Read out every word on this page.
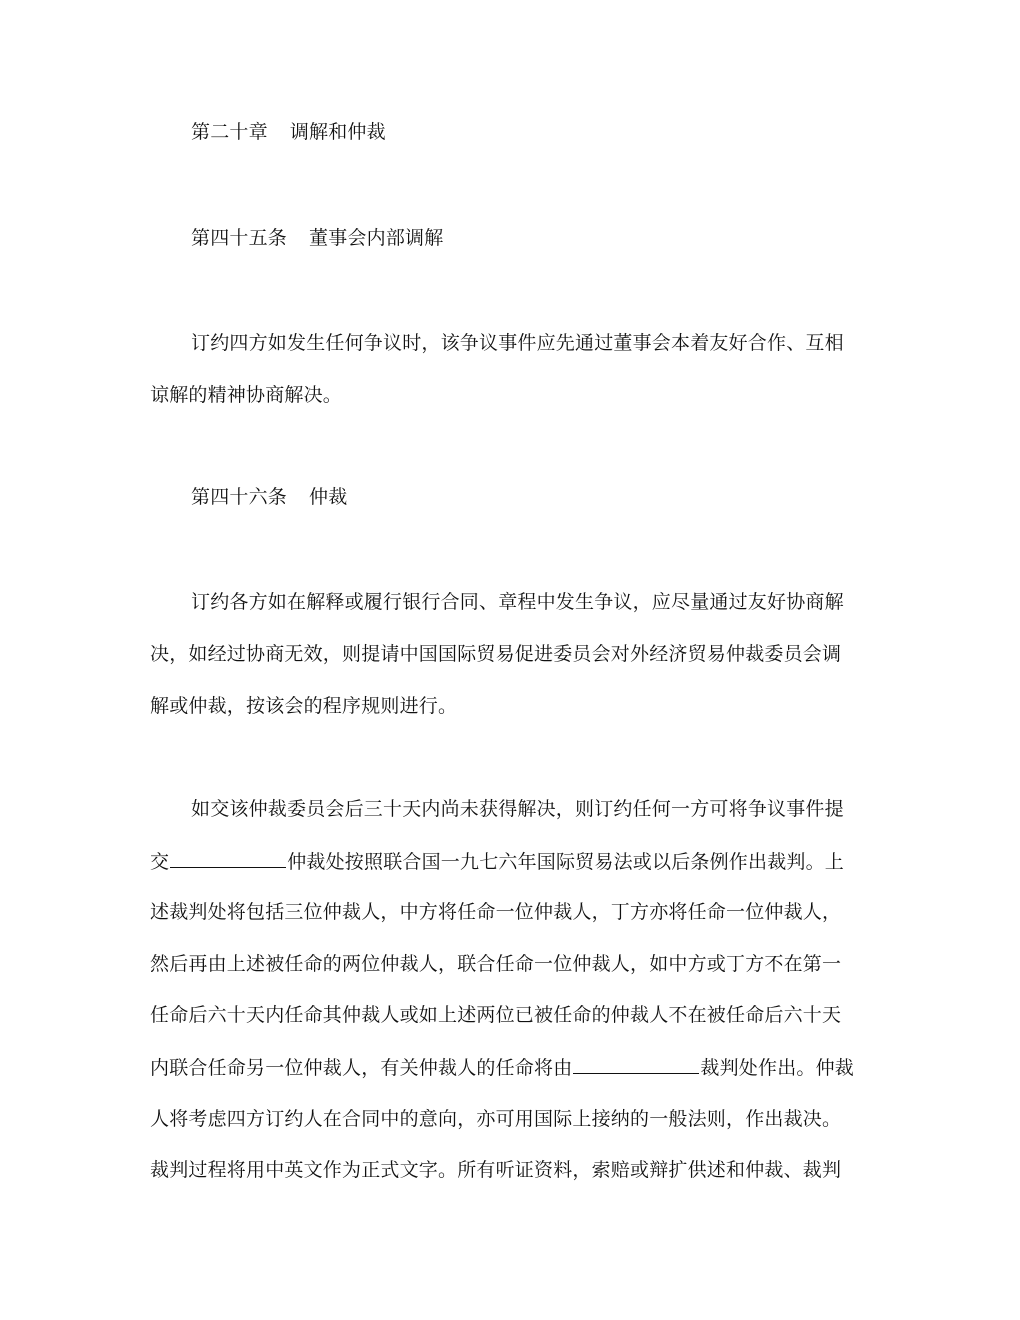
第二十章 调解和仲裁
第四十五条 董事会内部调解
订约四方如发生任何争议时，该争议事件应先通过董事会本着友好合作、互相
谅解的精神协商解决。
第四十六条 仲裁
订约各方如在解释或履行银行合同、章程中发生争议，应尽量通过友好协商解
决，如经过协商无效，则提请中国国际贸易促进委员会对外经济贸易仲裁委员会调
解或仲裁，按该会的程序规则进行。
如交该仲裁委员会后三十天内尚未获得解决，则订约任何一方可将争议事件提
交	仲裁处按照联合国一九七六年国际贸易法或以后条例作出裁判。上
述裁判处将包括三位仲裁人，中方将任命一位仲裁人，丁方亦将任命一位仲裁人，
然后再由上述被任命的两位仲裁人，联合任命一位仲裁人，如中方或丁方不在第一
任命后六十天内任命其仲裁人或如上述两位已被任命的仲裁人不在被任命后六十天
内联合任命另一位仲裁人，有关仲裁人的任命将由	裁判处作出。仲裁
人将考虑四方订约人在合同中的意向，亦可用国际上接纳的一般法则，作出裁决。
裁判过程将用中英文作为正式文字。所有听证资料，索赔或辩扩供述和仲裁、裁判
